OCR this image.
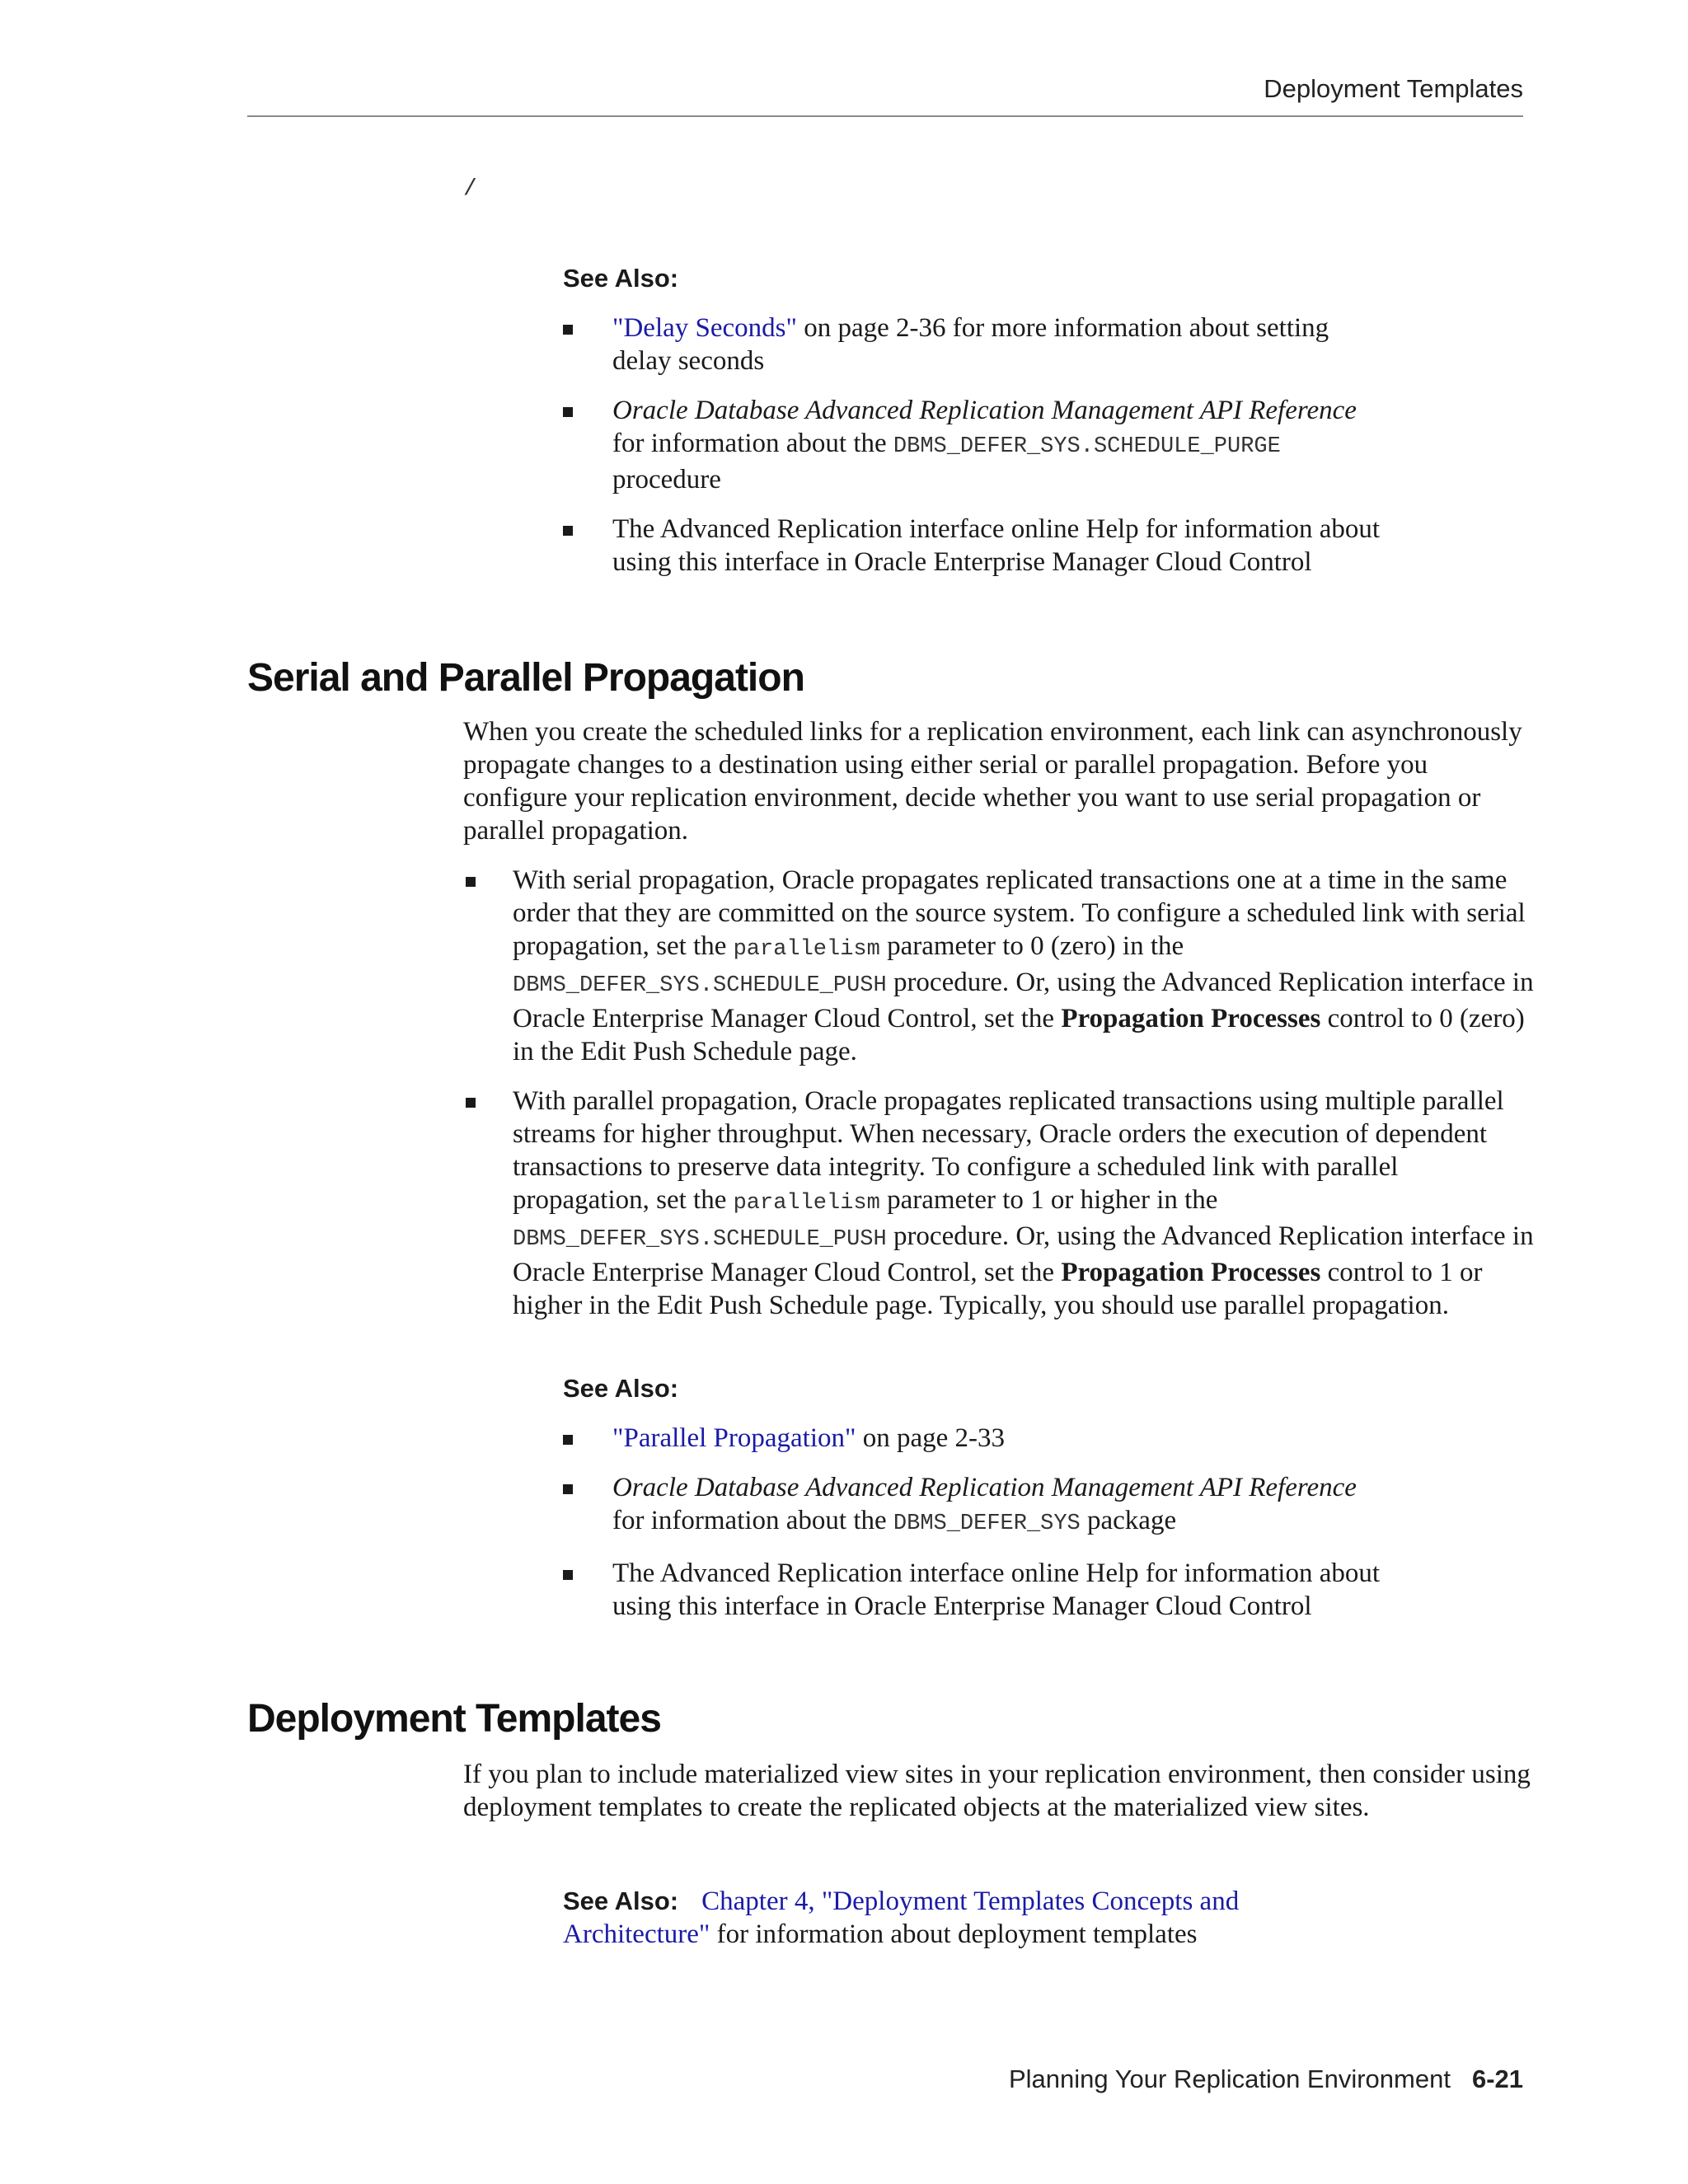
Deployment Templates
/
See Also:
"Delay Seconds" on page 2-36 for more information about setting delay seconds
Oracle Database Advanced Replication Management API Reference for information about the DBMS_DEFER_SYS.SCHEDULE_PURGE procedure
The Advanced Replication interface online Help for information about using this interface in Oracle Enterprise Manager Cloud Control
Serial and Parallel Propagation

When you create the scheduled links for a replication environment, each link can asynchronously propagate changes to a destination using either serial or parallel propagation. Before you configure your replication environment, decide whether you want to use serial propagation or parallel propagation.

With serial propagation, Oracle propagates replicated transactions one at a time in the same order that they are committed on the source system. To configure a scheduled link with serial propagation, set the parallelism parameter to 0 (zero) in the DBMS_DEFER_SYS.SCHEDULE_PUSH procedure. Or, using the Advanced Replication interface in Oracle Enterprise Manager Cloud Control, set the Propagation Processes control to 0 (zero) in the Edit Push Schedule page.
With parallel propagation, Oracle propagates replicated transactions using multiple parallel streams for higher throughput. When necessary, Oracle orders the execution of dependent transactions to preserve data integrity. To configure a scheduled link with parallel propagation, set the parallelism parameter to 1 or higher in the DBMS_DEFER_SYS.SCHEDULE_PUSH procedure. Or, using the Advanced Replication interface in Oracle Enterprise Manager Cloud Control, set the Propagation Processes control to 1 or higher in the Edit Push Schedule page. Typically, you should use parallel propagation.
See Also:
"Parallel Propagation" on page 2-33
Oracle Database Advanced Replication Management API Reference for information about the DBMS_DEFER_SYS package
The Advanced Replication interface online Help for information about using this interface in Oracle Enterprise Manager Cloud Control
Deployment Templates

If you plan to include materialized view sites in your replication environment, then consider using deployment templates to create the replicated objects at the materialized view sites.

See Also: Chapter 4, "Deployment Templates Concepts and Architecture" for information about deployment templates
Planning Your Replication Environment 6-21
